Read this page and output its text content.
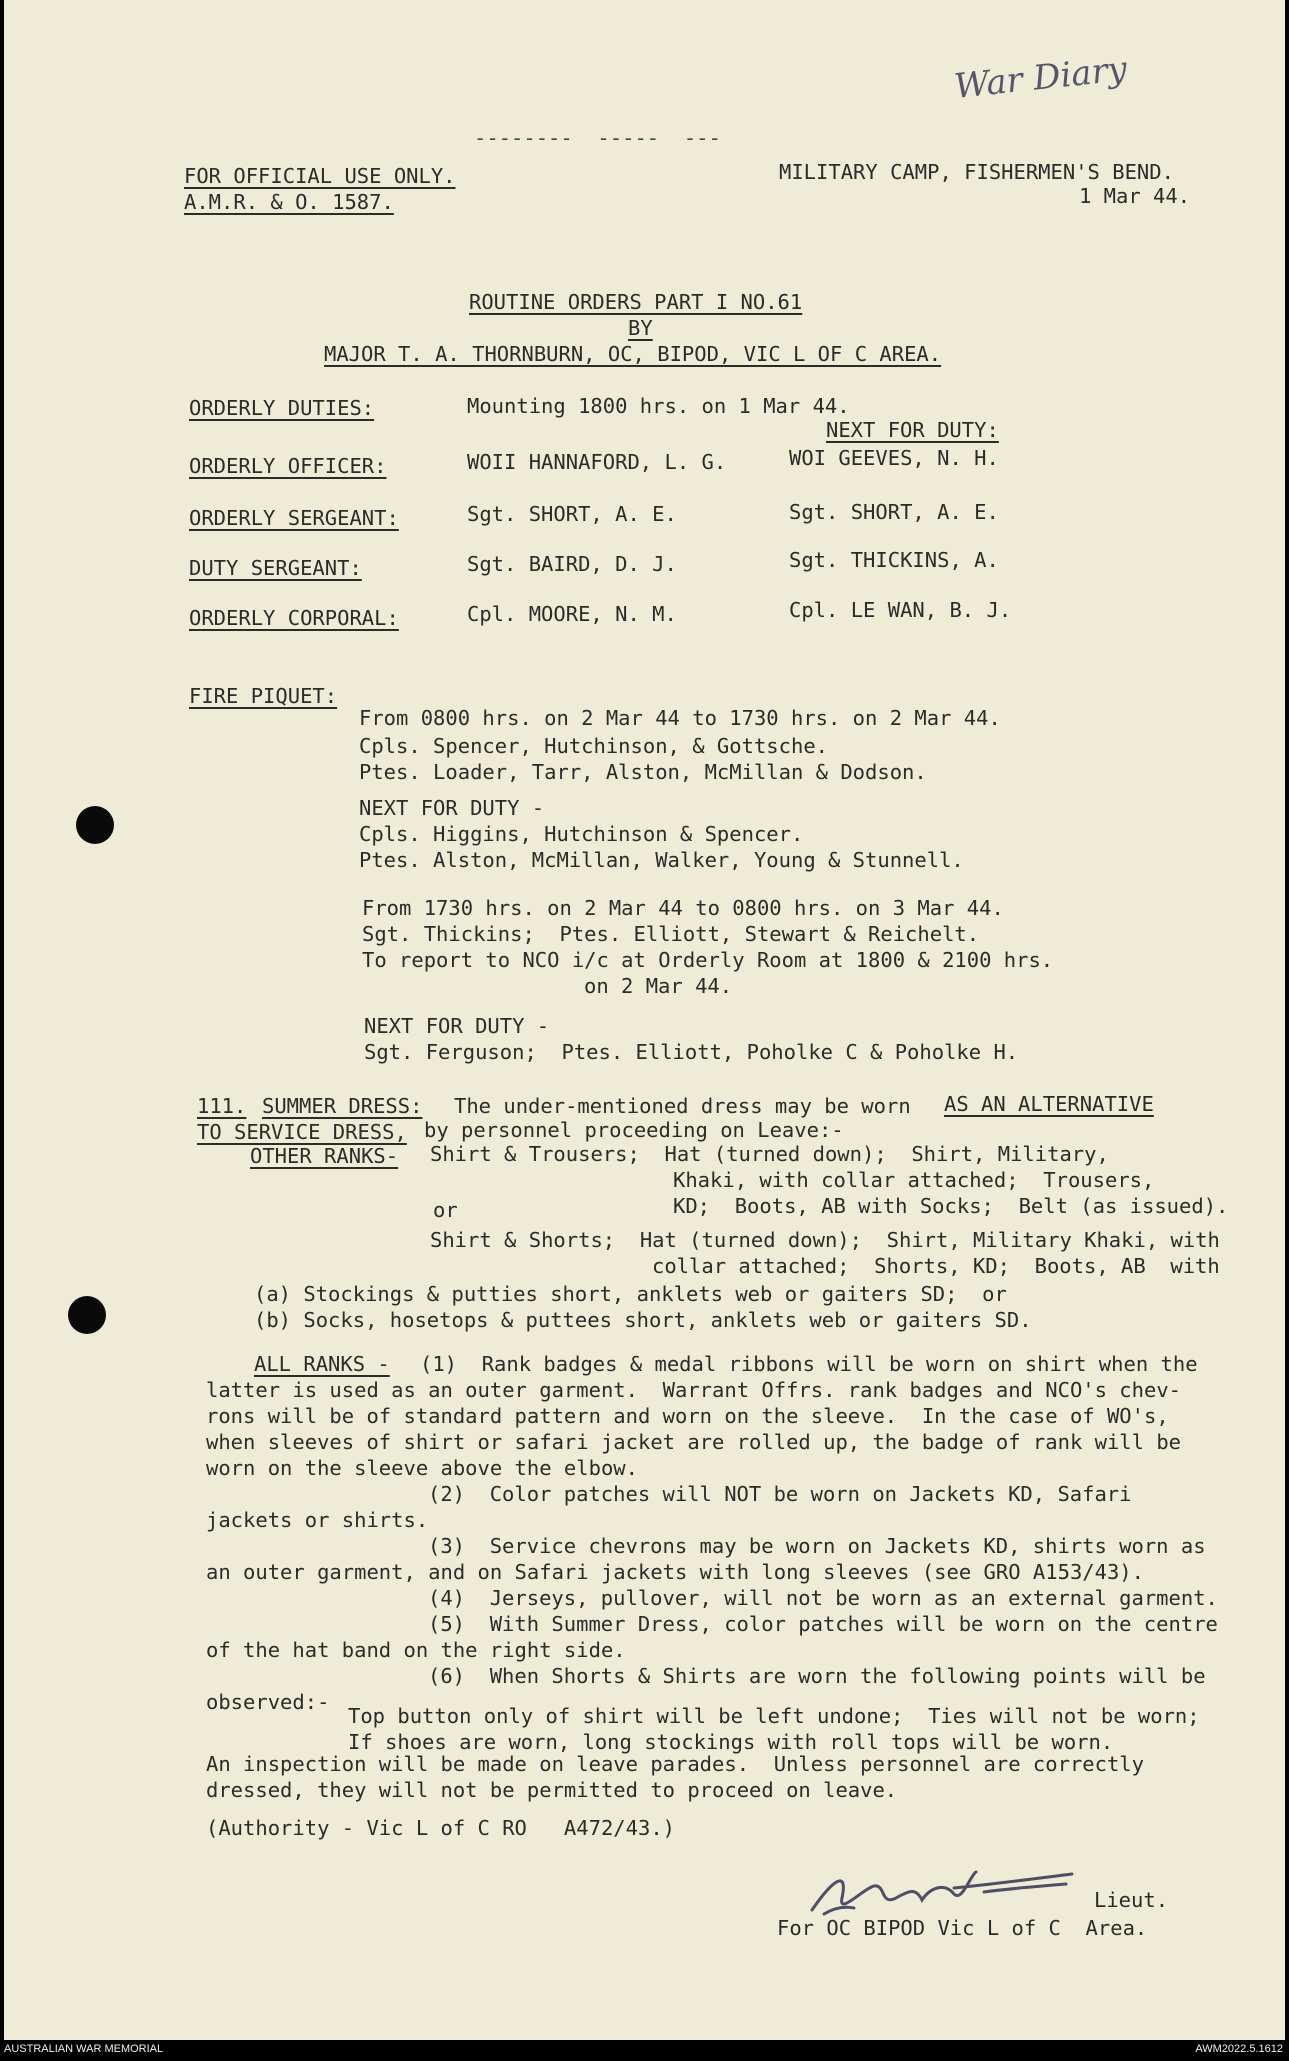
War Diary
--------  -----  ---
FOR OFFICIAL USE ONLY.
A.M.R. & O. 1587.
MILITARY CAMP, FISHERMEN'S BEND.
1 Mar 44.
ROUTINE ORDERS PART I NO.61
BY
MAJOR T. A. THORNBURN, OC, BIPOD, VIC L OF C AREA.
ORDERLY DUTIES:	Mounting 1800 hrs. on 1 Mar 44.
NEXT FOR DUTY:
ORDERLY OFFICER:	WOII HANNAFORD, L. G.	WOI GEEVES, N. H.
ORDERLY SERGEANT:	Sgt. SHORT, A. E.	Sgt. SHORT, A. E.
DUTY SERGEANT:	Sgt. BAIRD, D. J.	Sgt. THICKINS, A.
ORDERLY CORPORAL:	Cpl. MOORE, N. M.	Cpl. LE WAN, B. J.
FIRE PIQUET:
From 0800 hrs. on 2 Mar 44 to 1730 hrs. on 2 Mar 44.
Cpls. Spencer, Hutchinson, & Gottsche.
Ptes. Loader, Tarr, Alston, McMillan & Dodson.
NEXT FOR DUTY -
Cpls. Higgins, Hutchinson & Spencer.
Ptes. Alston, McMillan, Walker, Young & Stunnell.
From 1730 hrs. on 2 Mar 44 to 0800 hrs. on 3 Mar 44.
Sgt. Thickins;  Ptes. Elliott, Stewart & Reichelt.
To report to NCO i/c at Orderly Room at 1800 & 2100 hrs.
on 2 Mar 44.
NEXT FOR DUTY -
Sgt. Ferguson;  Ptes. Elliott, Poholke C & Poholke H.
111. SUMMER DRESS: The under-mentioned dress may be worn AS AN ALTERNATIVE
TO SERVICE DRESS, by personnel proceeding on Leave:-
OTHER RANKS- Shirt & Trousers;  Hat (turned down);  Shirt, Military,
Khaki, with collar attached;  Trousers,
KD;  Boots, AB with Socks;  Belt (as issued).
or
Shirt & Shorts;  Hat (turned down);  Shirt, Military Khaki, with
collar attached;  Shorts, KD;  Boots, AB  with
(a) Stockings & putties short, anklets web or gaiters SD;  or
(b) Socks, hosetops & puttees short, anklets web or gaiters SD.
ALL RANKS - (1)  Rank badges & medal ribbons will be worn on shirt when the
latter is used as an outer garment.  Warrant Offrs. rank badges and NCO's chev-
rons will be of standard pattern and worn on the sleeve.  In the case of WO's,
when sleeves of shirt or safari jacket are rolled up, the badge of rank will be
worn on the sleeve above the elbow.
(2)  Color patches will NOT be worn on Jackets KD, Safari
jackets or shirts.
(3)  Service chevrons may be worn on Jackets KD, shirts worn as
an outer garment, and on Safari jackets with long sleeves (see GRO A153/43).
(4)  Jerseys, pullover, will not be worn as an external garment.
(5)  With Summer Dress, color patches will be worn on the centre
of the hat band on the right side.
(6)  When Shorts & Shirts are worn the following points will be
observed:-
Top button only of shirt will be left undone;  Ties will not be worn;
If shoes are worn, long stockings with roll tops will be worn.
An inspection will be made on leave parades.  Unless personnel are correctly
dressed, they will not be permitted to proceed on leave.
(Authority - Vic L of C RO   A472/43.)
Lieut.
For OC BIPOD Vic L of C  Area.
AUSTRALIAN WAR MEMORIAL	AWM2022.5.1612
